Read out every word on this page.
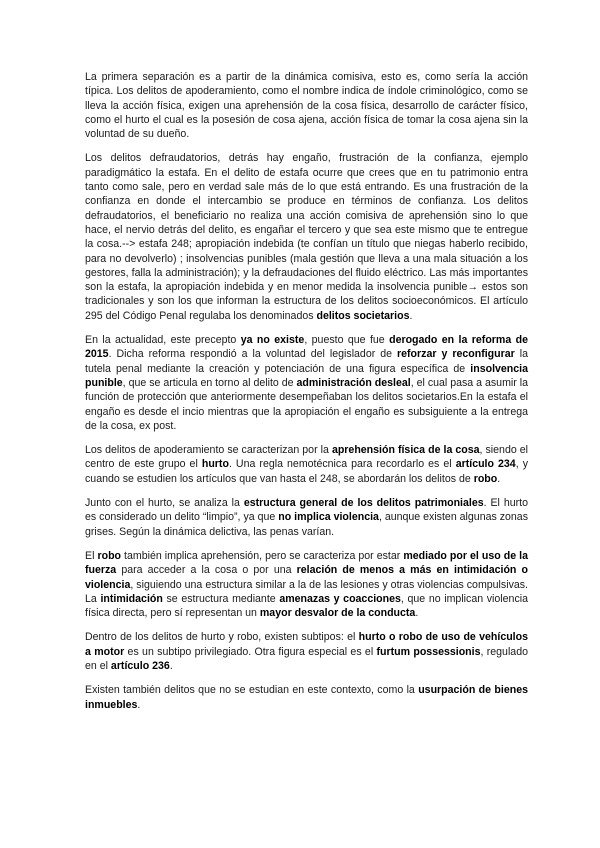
La primera separación es a partir de la dinámica comisiva, esto es, como sería la acción típica. Los delitos de apoderamiento, como el nombre indica de índole criminológico, como se lleva la acción física, exigen una aprehensión de la cosa física, desarrollo de carácter físico, como el hurto el cual es la posesión de cosa ajena, acción física de tomar la cosa ajena sin la voluntad de su dueño.

Los delitos defraudatorios, detrás hay engaño, frustración de la confianza, ejemplo paradigmático la estafa. En el delito de estafa ocurre que crees que en tu patrimonio entra tanto como sale, pero en verdad sale más de lo que está entrando. Es una frustración de la confianza en donde el intercambio se produce en términos de confianza. Los delitos defraudatorios, el beneficiario no realiza una acción comisiva de aprehensión sino lo que hace, el nervio detrás del delito, es engañar el tercero y que sea este mismo que te entregue la cosa.--> estafa 248; apropiación indebida (te confían un título que niegas haberlo recibido, para no devolverlo) ; insolvencias punibles (mala gestión que lleva a una mala situación a los gestores, falla la administración); y la defraudaciones del fluido eléctrico. Las más importantes son la estafa, la apropiación indebida y en menor medida la insolvencia punible→ estos son tradicionales y son los que informan la estructura de los delitos socioeconómicos. El artículo 295 del Código Penal regulaba los denominados delitos societarios.

En la actualidad, este precepto ya no existe, puesto que fue derogado en la reforma de 2015. Dicha reforma respondió a la voluntad del legislador de reforzar y reconfigurar la tutela penal mediante la creación y potenciación de una figura específica de insolvencia punible, que se articula en torno al delito de administración desleal, el cual pasa a asumir la función de protección que anteriormente desempeñaban los delitos societarios.En la estafa el engaño es desde el incio mientras que la apropiación el engaño es subsiguiente a la entrega de la cosa, ex post.

Los delitos de apoderamiento se caracterizan por la aprehensión física de la cosa, siendo el centro de este grupo el hurto. Una regla nemotécnica para recordarlo es el artículo 234, y cuando se estudien los artículos que van hasta el 248, se abordarán los delitos de robo.

Junto con el hurto, se analiza la estructura general de los delitos patrimoniales. El hurto es considerado un delito “limpio”, ya que no implica violencia, aunque existen algunas zonas grises. Según la dinámica delictiva, las penas varían.

El robo también implica aprehensión, pero se caracteriza por estar mediado por el uso de la fuerza para acceder a la cosa o por una relación de menos a más en intimidación o violencia, siguiendo una estructura similar a la de las lesiones y otras violencias compulsivas. La intimidación se estructura mediante amenazas y coacciones, que no implican violencia física directa, pero sí representan un mayor desvalor de la conducta.

Dentro de los delitos de hurto y robo, existen subtipos: el hurto o robo de uso de vehículos a motor es un subtipo privilegiado. Otra figura especial es el furtum possessionis, regulado en el artículo 236.

Existen también delitos que no se estudian en este contexto, como la usurpación de bienes inmuebles.
